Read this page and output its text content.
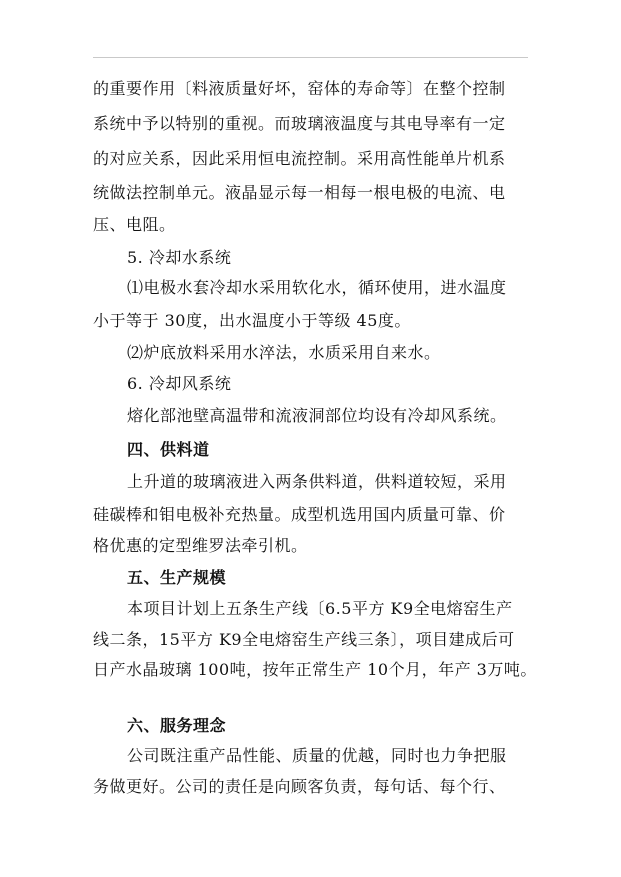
的重要作用〔料液质量好坏，窑体的寿命等〕在整个控制
系统中予以特别的重视。而玻璃液温度与其电导率有一定
的对应关系，因此采用恒电流控制。采用高性能单片机系
统做法控制单元。液晶显示每一相每一根电极的电流、电
压、电阻。
5. 冷却水系统
⑴电极水套冷却水采用软化水，循环使用，进水温度
小于等于 30度，出水温度小于等级 45度。
⑵炉底放料采用水淬法，水质采用自来水。
6. 冷却风系统
熔化部池壁高温带和流液洞部位均设有冷却风系统。
四、供料道
上升道的玻璃液进入两条供料道，供料道较短，采用
硅碳棒和钼电极补充热量。成型机选用国内质量可靠、价
格优惠的定型维罗法牵引机。
五、生产规模
本项目计划上五条生产线〔6.5平方 K9全电熔窑生产
线二条，15平方 K9全电熔窑生产线三条〕，项目建成后可
日产水晶玻璃 100吨，按年正常生产 10个月，年产 3万吨。
六、服务理念
公司既注重产品性能、质量的优越，同时也力争把服
务做更好。公司的责任是向顾客负责，每句话、每个行、
